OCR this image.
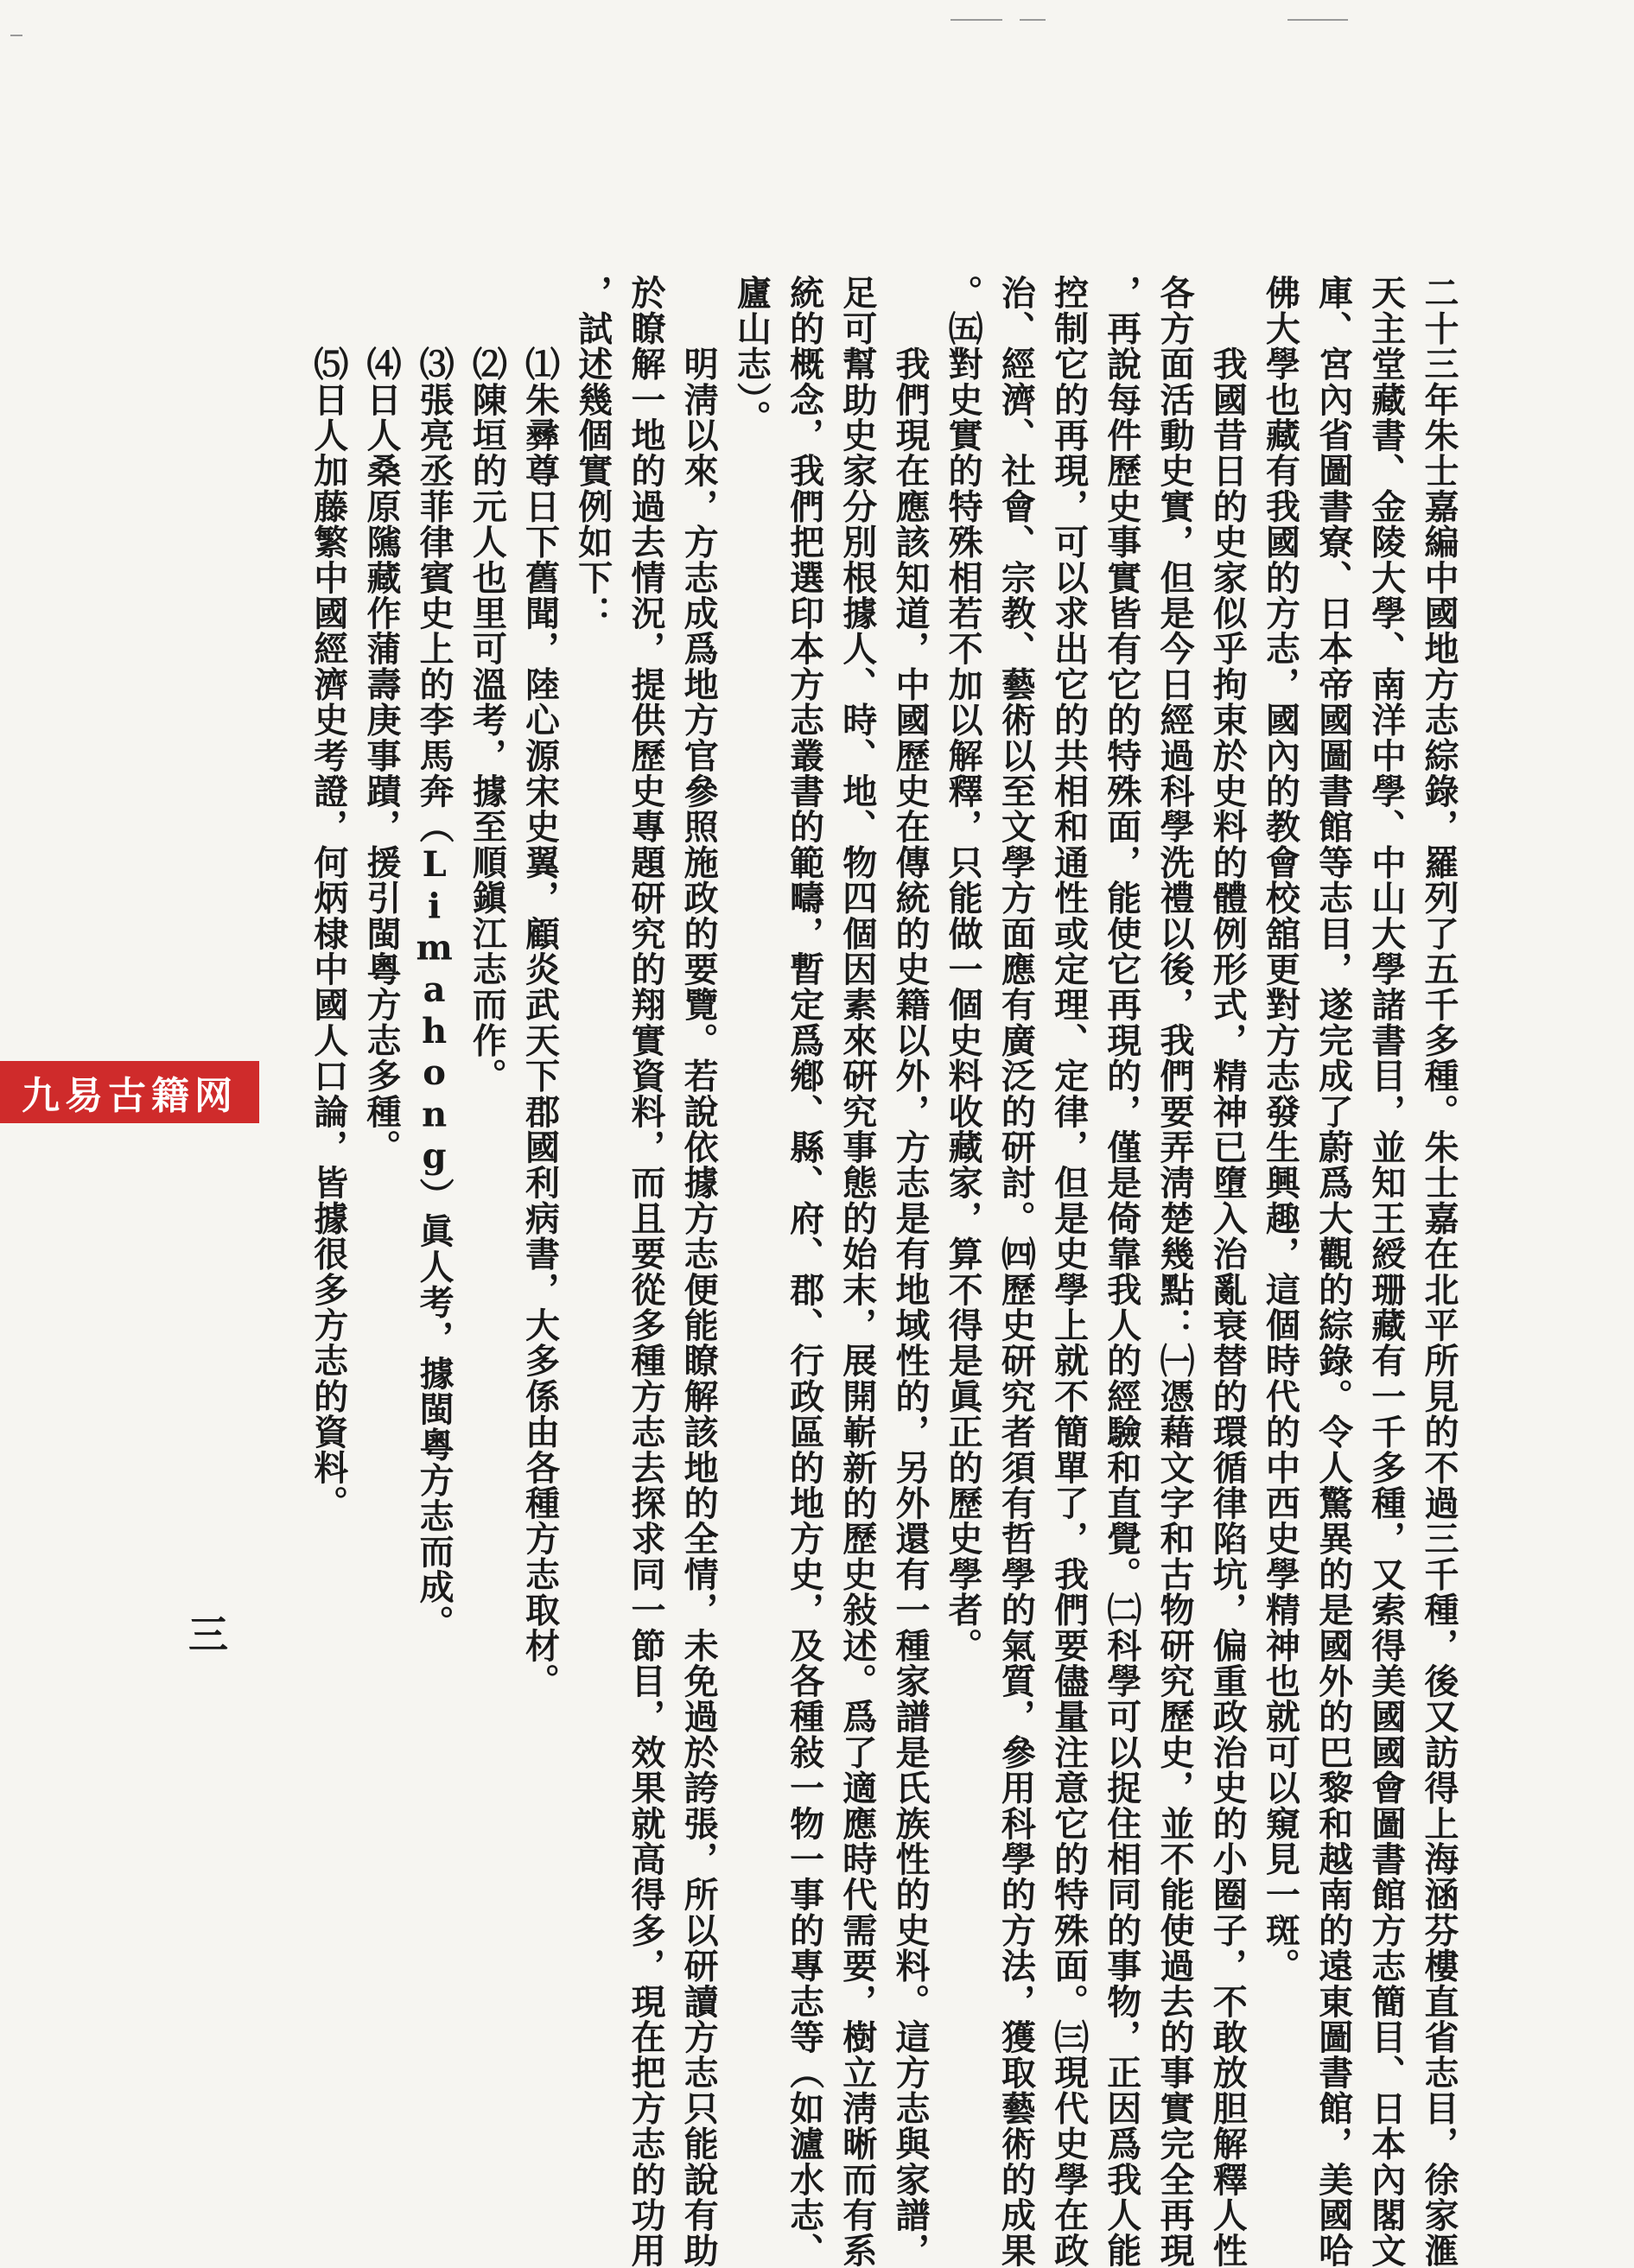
二十三年朱士嘉編中國地方志綜錄，羅列了五千多種。朱士嘉在北平所見的不過三千種，後又訪得上海涵芬樓直省志目，徐家滙
天主堂藏書、金陵大學、南洋中學、中山大學諸書目，並知王綬珊藏有一千多種，又索得美國國會圖書館方志簡目、日本內閣文
庫、宮內省圖書寮、日本帝國圖書館等志目，遂完成了蔚爲大觀的綜錄。令人驚異的是國外的巴黎和越南的遠東圖書館，美國哈
佛大學也藏有我國的方志，國內的教會校舘更對方志發生興趣，這個時代的中西史學精神也就可以窺見一斑。
　　我國昔日的史家似乎拘束於史料的體例形式，精神已墮入治亂衰替的環循律陷坑，偏重政治史的小圈子，不敢放胆解釋人性
各方面活動史實，但是今日經過科學洗禮以後，我們要弄淸楚幾點：㈠憑藉文字和古物研究歷史，並不能使過去的事實完全再現
，再說每件歷史事實皆有它的特殊面，能使它再現的，僅是倚靠我人的經驗和直覺。㈡科學可以捉住相同的事物，正因爲我人能
控制它的再現，可以求出它的共相和通性或定理、定律，但是史學上就不簡單了，我們要儘量注意它的特殊面。㈢現代史學在政
治、經濟、社會、宗教、藝術以至文學方面應有廣泛的研討。㈣歷史研究者須有哲學的氣質，參用科學的方法，獲取藝術的成果
。㈤對史實的特殊相若不加以解釋，只能做一個史料收藏家，算不得是眞正的歷史學者。
　　我們現在應該知道，中國歷史在傳統的史籍以外，方志是有地域性的，另外還有一種家譜是氏族性的史料。這方志與家譜，
足可幫助史家分別根據人、時、地、物四個因素來硏究事態的始末，展開嶄新的歷史敍述。爲了適應時代需要，樹立淸晰而有系
統的概念，我們把選印本方志叢書的範疇，暫定爲鄕、縣、府、郡、行政區的地方史，及各種敍一物一事的專志等（如瀘水志、
廬山志）。
　　明淸以來，方志成爲地方官參照施政的要覽。若說依據方志便能瞭解該地的全情，未免過於誇張，所以研讀方志只能說有助
於瞭解一地的過去情況，提供歷史專題研究的翔實資料，而且要從多種方志去探求同一節目，效果就高得多，現在把方志的功用
，試述幾個實例如下：
　　⑴朱彞尊日下舊聞，陸心源宋史翼，顧炎武天下郡國利病書，大多係由各種方志取材。
　　⑵陳垣的元人也里可溫考，據至順鎭江志而作。
　　⑶張亮丞菲律賓史上的李馬奔（Limahong）眞人考，據閩粵方志而成。
　　⑷日人桑原隲藏作蒲壽庚事蹟，援引閩粵方志多種。
　　⑸日人加藤繁中國經濟史考證，何炳棣中國人口論，皆據很多方志的資料。
三
九易古籍网
